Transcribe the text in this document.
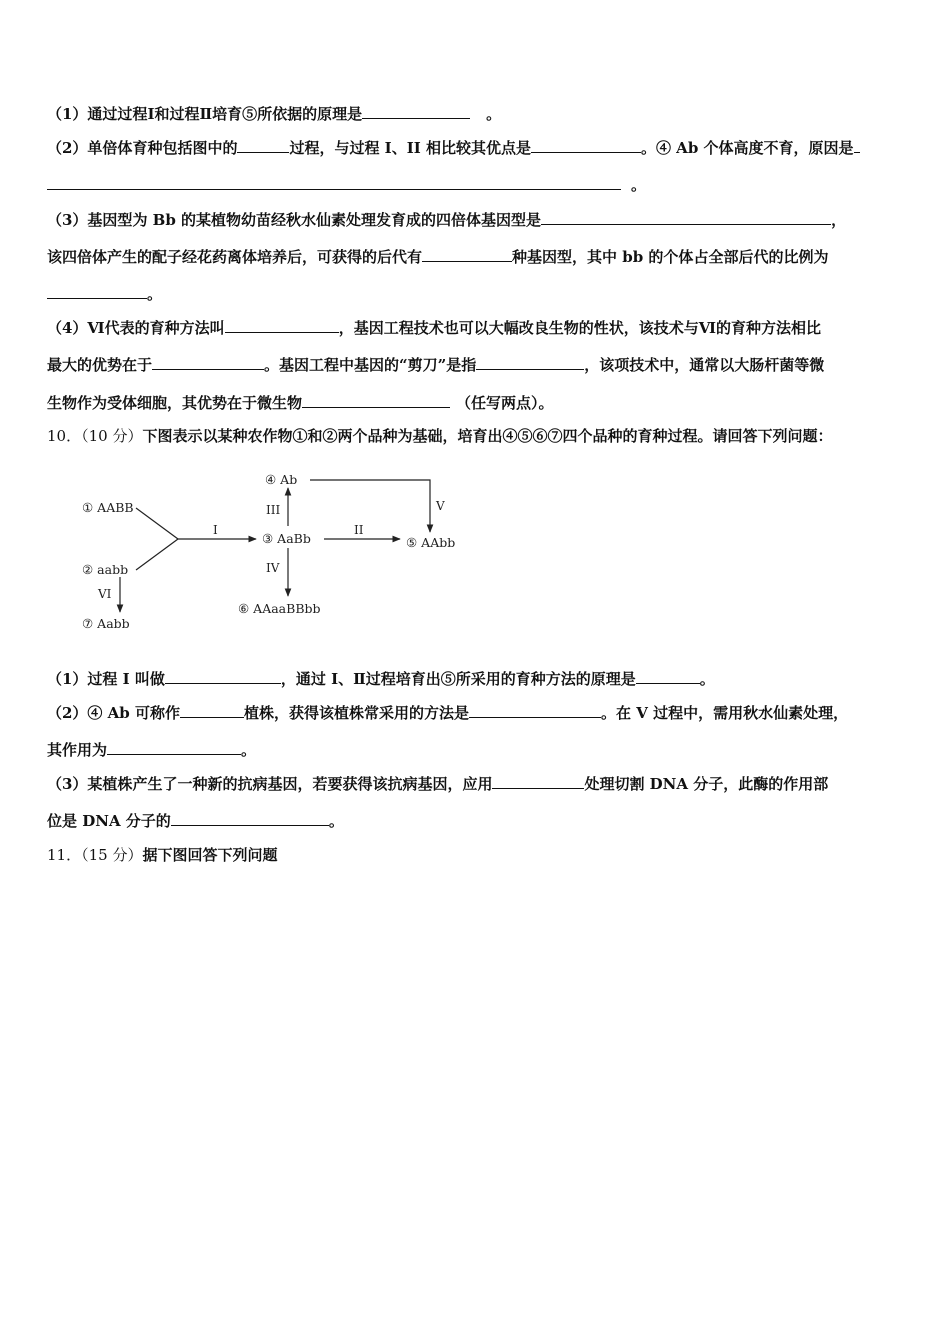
（1）通过过程Ⅰ和过程Ⅱ培育⑤所依据的原理是	。
（2）单倍体育种包括图中的	过程，与过程 I、II 相比较其优点是	。④ Ab 个体高度不育，原因是
。
（3）基因型为 Bb 的某植物幼苗经秋水仙素处理发育成的四倍体基因型是	，
该四倍体产生的配子经花药离体培养后，可获得的后代有	种基因型，其中 bb 的个体占全部后代的比例为
。
（4）Ⅵ代表的育种方法叫	，基因工程技术也可以大幅改良生物的性状，该技术与Ⅵ的育种方法相比
最大的优势在于	。基因工程中基因的“剪刀”是指	，该项技术中，通常以大肠杆菌等微
生物作为受体细胞，其优势在于微生物	（任写两点）。
10．（10 分）下图表示以某种农作物①和②两个品种为基础，培育出④⑤⑥⑦四个品种的育种过程。请回答下列问题：
① AABB
② aabb
③ AaBb
④ Ab
⑤ AAbb
⑥ AAaaBBbb
⑦ Aabb
I	II
III
IV
V
VI
（1）过程 I 叫做	，通过 I、Ⅱ过程培育出⑤所采用的育种方法的原理是	。
（2）④ Ab 可称作	植株，获得该植株常采用的方法是	。在 V 过程中，需用秋水仙素处理，
其作用为	。
（3）某植株产生了一种新的抗病基因，若要获得该抗病基因，应用	处理切割 DNA 分子，此酶的作用部
位是 DNA 分子的	。
11．（15 分）据下图回答下列问题
